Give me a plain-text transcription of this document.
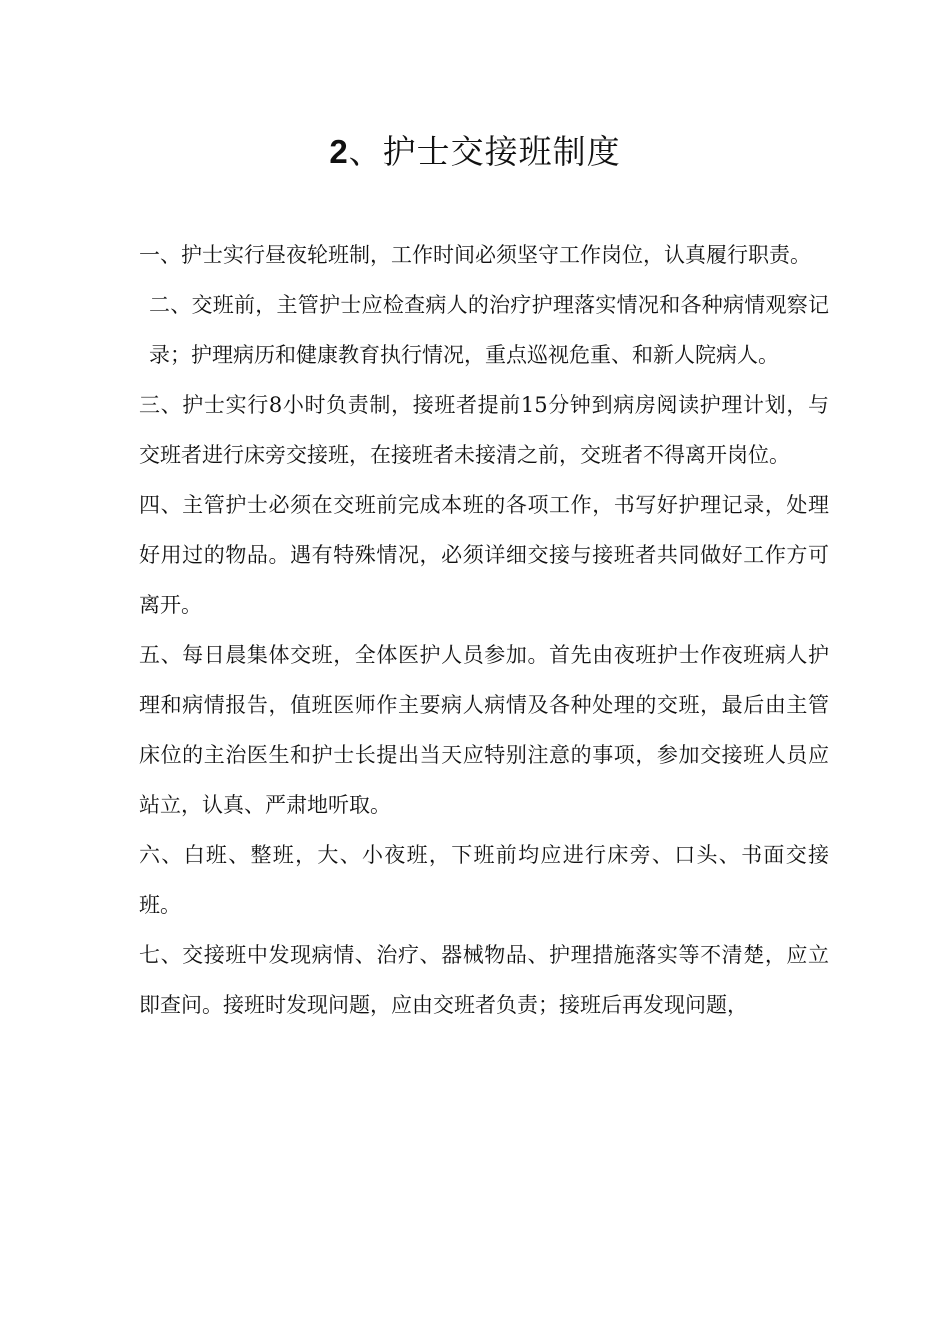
2、护士交接班制度

一、护士实行昼夜轮班制，工作时间必须坚守工作岗位，认真履行职责。

二、交班前，主管护士应检查病人的治疗护理落实情况和各种病情观察记录；护理病历和健康教育执行情况，重点巡视危重、和新人院病人。

三、护士实行8小时负责制，接班者提前15分钟到病房阅读护理计划，与交班者进行床旁交接班，在接班者未接清之前，交班者不得离开岗位。

四、主管护士必须在交班前完成本班的各项工作，书写好护理记录，处理好用过的物品。遇有特殊情况，必须详细交接与接班者共同做好工作方可离开。

五、每日晨集体交班，全体医护人员参加。首先由夜班护士作夜班病人护理和病情报告，值班医师作主要病人病情及各种处理的交班，最后由主管床位的主治医生和护士长提出当天应特别注意的事项，参加交接班人员应站立，认真、严肃地听取。

六、白班、整班，大、小夜班，下班前均应进行床旁、口头、书面交接班。

七、交接班中发现病情、治疗、器械物品、护理措施落实等不清楚，应立即查问。接班时发现问题，应由交班者负责；接班后再发现问题，
